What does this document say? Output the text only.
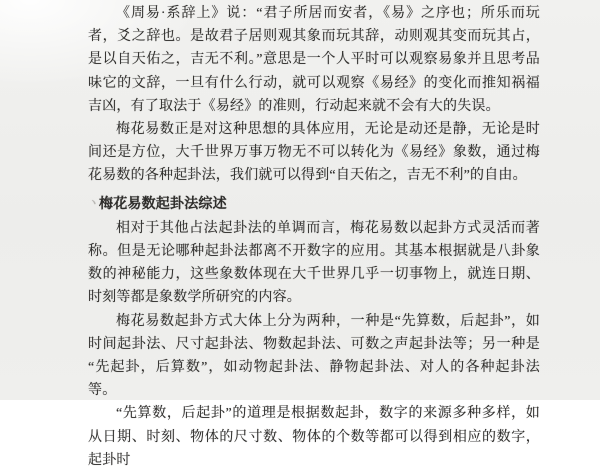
《周易·系辞上》说：“君子所居而安者，《易》之序也；所乐而玩者，爻之辞也。是故君子居则观其象而玩其辞，动则观其变而玩其占，是以自天佑之，吉无不利。”意思是一个人平时可以观察易象并且思考品味它的文辞，一旦有什么行动，就可以观察《易经》的变化而推知祸福吉凶，有了取法于《易经》的准则，行动起来就不会有大的失误。

梅花易数正是对这种思想的具体应用，无论是动还是静，无论是时间还是方位，大千世界万事万物无不可以转化为《易经》象数，通过梅花易数的各种起卦法，我们就可以得到“自天佑之，吉无不利”的自由。

ヽ 梅花易数起卦法综述

相对于其他占法起卦法的单调而言，梅花易数以起卦方式灵活而著称。但是无论哪种起卦法都离不开数字的应用。其基本根据就是八卦象数的神秘能力，这些象数体现在大千世界几乎一切事物上，就连日期、时刻等都是象数学所研究的内容。

梅花易数起卦方式大体上分为两种，一种是“先算数，后起卦”，如时间起卦法、尺寸起卦法、物数起卦法、可数之声起卦法等；另一种是“先起卦，后算数”，如动物起卦法、静物起卦法、对人的各种起卦法等。

“先算数，后起卦”的道理是根据数起卦，数字的来源多种多样，如从日期、时刻、物体的尺寸数、物体的个数等都可以得到相应的数字，起卦时
